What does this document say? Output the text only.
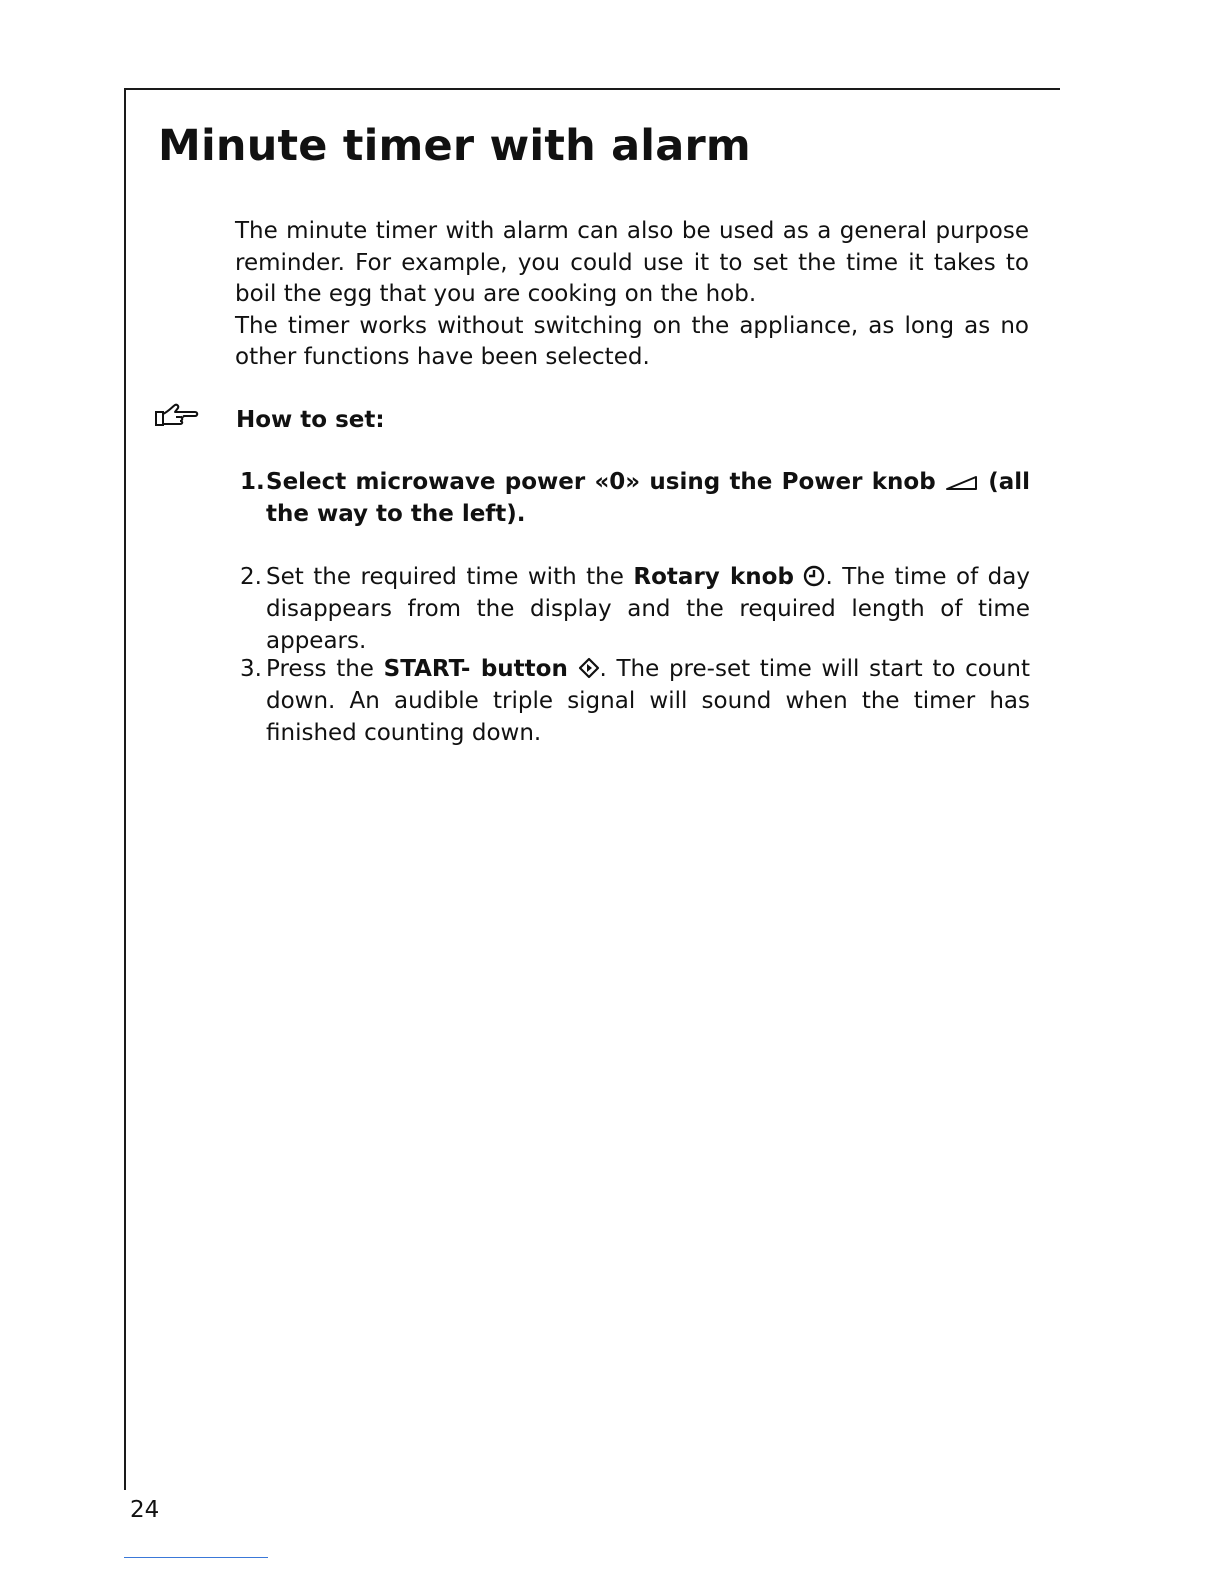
Minute timer with alarm

The minute timer with alarm can also be used as a general purpose reminder. For example, you could use it to set the time it takes to boil the egg that you are cooking on the hob.

The timer works without switching on the appliance, as long as no other functions have been selected.

How to set:
1. Select microwave power «0» using the Power knob (all the way to the left).
2. Set the required time with the Rotary knob . The time of day disappears from the display and the required length of time appears.
3. Press the START- button . The pre-set time will start to count down. An audible triple signal will sound when the timer has finished counting down.
24
